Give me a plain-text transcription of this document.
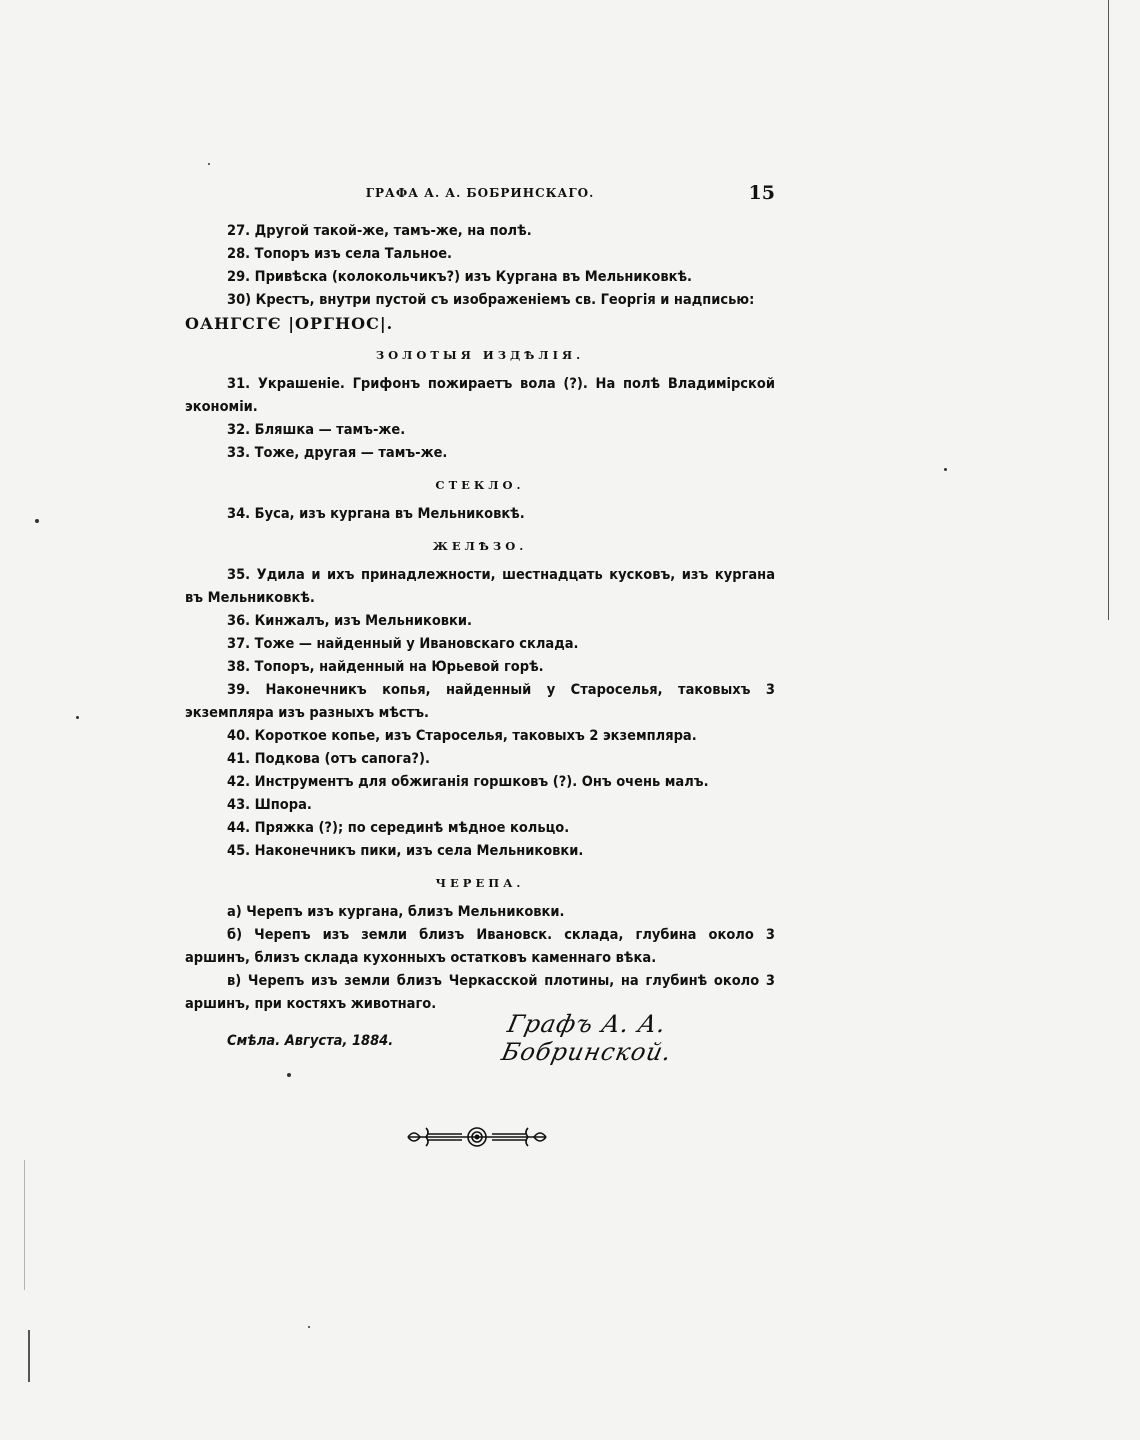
ГРАФА А. А. БОБРИНСКАГО.	15

27. Другой такой-же, тамъ-же, на полѣ.

28. Топоръ изъ села Тальное.

29. Привѣска (колокольчикъ?) изъ Кургана въ Мельниковкѣ.

30) Крестъ, внутри пустой съ изображеніемъ св. Георгія и надписью:

ОАНГСГЄ |ОРГНОС|.
ЗОЛОТЫЯ ИЗДѢЛІЯ.

31. Украшеніе. Грифонъ пожираетъ вола (?). На полѣ Владимірской экономіи.

32. Бляшка — тамъ-же.

33. Тоже, другая — тамъ-же.

СТЕКЛО.

34. Буса, изъ кургана въ Мельниковкѣ.

ЖЕЛѢЗО.

35. Удила и ихъ принадлежности, шестнадцать кусковъ, изъ кургана въ Мельниковкѣ.

36. Кинжалъ, изъ Мельниковки.

37. Тоже — найденный у Ивановскаго склада.

38. Топоръ, найденный на Юрьевой горѣ.

39. Наконечникъ копья, найденный у Староселья, таковыхъ 3 экземпляра изъ разныхъ мѣстъ.

40. Короткое копье, изъ Староселья, таковыхъ 2 экземпляра.

41. Подкова (отъ сапога?).

42. Инструментъ для обжиганія горшковъ (?). Онъ очень малъ.

43. Шпора.

44. Пряжка (?); по серединѣ мѣдное кольцо.

45. Наконечникъ пики, изъ села Мельниковки.

ЧЕРЕПА.

а) Черепъ изъ кургана, близъ Мельниковки.

б) Черепъ изъ земли близъ Ивановск. склада, глубина около 3 аршинъ, близъ склада кухонныхъ остатковъ каменнаго вѣка.

в) Черепъ изъ земли близъ Черкасской плотины, на глубинѣ около 3 аршинъ, при костяхъ животнаго.

Смѣла. Августа, 1884.

Графъ А. А. Бобринской.
